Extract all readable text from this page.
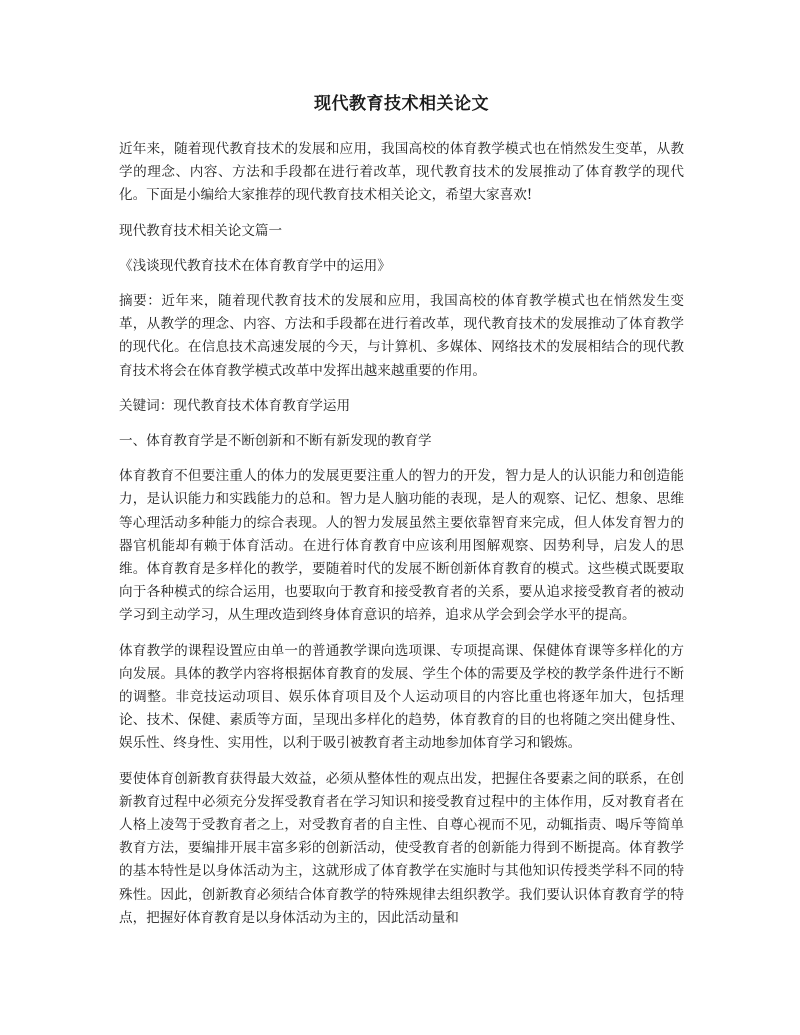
现代教育技术相关论文

近年来，随着现代教育技术的发展和应用，我国高校的体育教学模式也在悄然发生变革，从教学的理念、内容、方法和手段都在进行着改革，现代教育技术的发展推动了体育教学的现代化。下面是小编给大家推荐的现代教育技术相关论文，希望大家喜欢!

现代教育技术相关论文篇一

《浅谈现代教育技术在体育教育学中的运用》

摘要：近年来，随着现代教育技术的发展和应用，我国高校的体育教学模式也在悄然发生变革，从教学的理念、内容、方法和手段都在进行着改革，现代教育技术的发展推动了体育教学的现代化。在信息技术高速发展的今天，与计算机、多媒体、网络技术的发展相结合的现代教育技术将会在体育教学模式改革中发挥出越来越重要的作用。

关键词：现代教育技术体育教育学运用

一、体育教育学是不断创新和不断有新发现的教育学

体育教育不但要注重人的体力的发展更要注重人的智力的开发，智力是人的认识能力和创造能力，是认识能力和实践能力的总和。智力是人脑功能的表现，是人的观察、记忆、想象、思维等心理活动多种能力的综合表现。人的智力发展虽然主要依靠智育来完成，但人体发育智力的器官机能却有赖于体育活动。在进行体育教育中应该利用图解观察、因势利导，启发人的思维。体育教育是多样化的教学，要随着时代的发展不断创新体育教育的模式。这些模式既要取向于各种模式的综合运用，也要取向于教育和接受教育者的关系，要从追求接受教育者的被动学习到主动学习，从生理改造到终身体育意识的培养，追求从学会到会学水平的提高。

体育教学的课程设置应由单一的普通教学课向选项课、专项提高课、保健体育课等多样化的方向发展。具体的教学内容将根据体育教育的发展、学生个体的需要及学校的教学条件进行不断的调整。非竞技运动项目、娱乐体育项目及个人运动项目的内容比重也将逐年加大，包括理论、技术、保健、素质等方面，呈现出多样化的趋势，体育教育的目的也将随之突出健身性、娱乐性、终身性、实用性，以利于吸引被教育者主动地参加体育学习和锻炼。

要使体育创新教育获得最大效益，必须从整体性的观点出发，把握住各要素之间的联系，在创新教育过程中必须充分发挥受教育者在学习知识和接受教育过程中的主体作用，反对教育者在人格上凌驾于受教育者之上，对受教育者的自主性、自尊心视而不见，动辄指责、喝斥等简单教育方法，要编排开展丰富多彩的创新活动，使受教育者的创新能力得到不断提高。体育教学的基本特性是以身体活动为主，这就形成了体育教学在实施时与其他知识传授类学科不同的特殊性。因此，创新教育必须结合体育教学的特殊规律去组织教学。我们要认识体育教育学的特点，把握好体育教育是以身体活动为主的，因此活动量和
